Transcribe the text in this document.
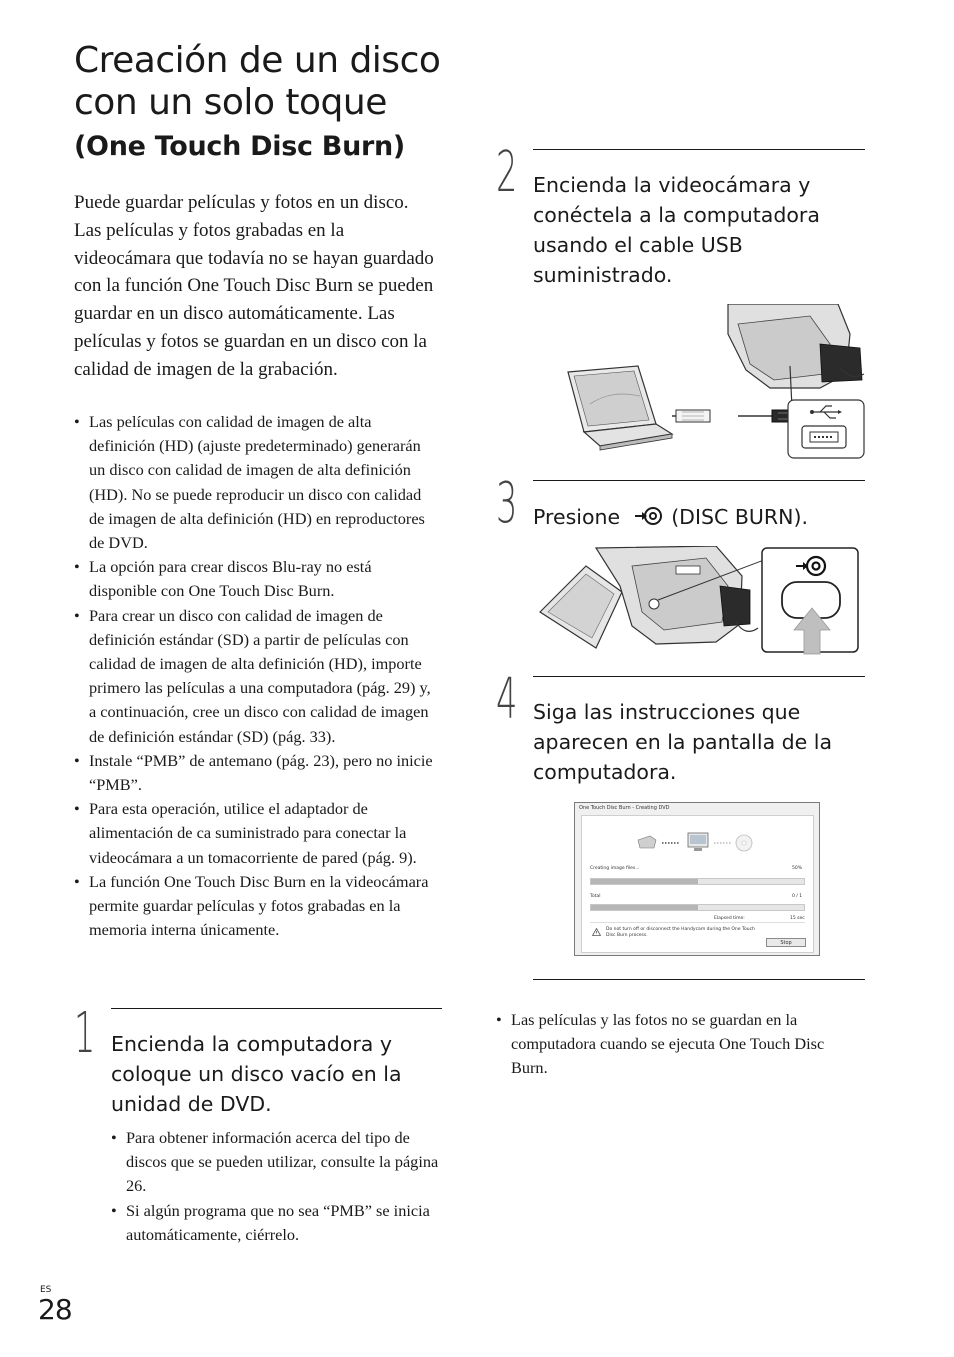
Creación de un disco con un solo toque
(One Touch Disc Burn)

Puede guardar películas y fotos en un disco. Las películas y fotos grabadas en la videocámara que todavía no se hayan guardado con la función One Touch Disc Burn se pueden guardar en un disco automáticamente. Las películas y fotos se guardan en un disco con la calidad de imagen de la grabación.

• Las películas con calidad de imagen de alta definición (HD) (ajuste predeterminado) generarán un disco con calidad de imagen de alta definición (HD). No se puede reproducir un disco con calidad de imagen de alta definición (HD) en reproductores de DVD.
• La opción para crear discos Blu-ray no está disponible con One Touch Disc Burn.
• Para crear un disco con calidad de imagen de definición estándar (SD) a partir de películas con calidad de imagen de alta definición (HD), importe primero las películas a una computadora (pág. 29) y, a continuación, cree un disco con calidad de imagen de definición estándar (SD) (pág. 33).
• Instale “PMB” de antemano (pág. 23), pero no inicie “PMB”.
• Para esta operación, utilice el adaptador de alimentación de ca suministrado para conectar la videocámara a un tomacorriente de pared (pág. 9).
• La función One Touch Disc Burn en la videocámara permite guardar películas y fotos grabadas en la memoria interna únicamente.
1 Encienda la computadora y coloque un disco vacío en la unidad de DVD.

• Para obtener información acerca del tipo de discos que se pueden utilizar, consulte la página 26.
• Si algún programa que no sea “PMB” se inicia automáticamente, ciérrelo.
2 Encienda la videocámara y conéctela a la computadora usando el cable USB suministrado.

3 Presione (DISC BURN).

4 Siga las instrucciones que aparecen en la pantalla de la computadora.

One Touch Disc Burn - Creating DVD
Creating image files...	50%
Total	0 / 1
Elapsed time:	15 sec
Do not turn off or disconnect the Handycam during the One Touch Disc Burn process.
Stop
• Las películas y las fotos no se guardan en la computadora cuando se ejecuta One Touch Disc Burn.
ES
28
